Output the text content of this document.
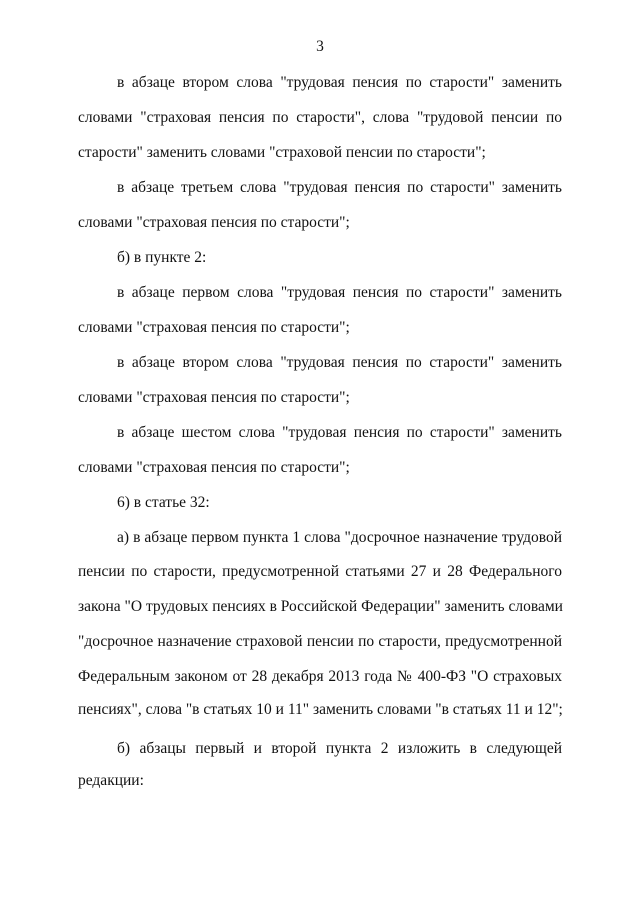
3
в абзаце втором слова "трудовая пенсия по старости" заменить
словами "страховая пенсия по старости", слова "трудовой пенсии по
старости" заменить словами "страховой пенсии по старости";
в абзаце третьем слова "трудовая пенсия по старости" заменить
словами "страховая пенсия по старости";
б) в пункте 2:
в абзаце первом слова "трудовая пенсия по старости" заменить
словами "страховая пенсия по старости";
в абзаце втором слова "трудовая пенсия по старости" заменить
словами "страховая пенсия по старости";
в абзаце шестом слова "трудовая пенсия по старости" заменить
словами "страховая пенсия по старости";
6) в статье 32:
а) в абзаце первом пункта 1 слова "досрочное назначение трудовой
пенсии по старости, предусмотренной статьями 27 и 28 Федерального
закона "О трудовых пенсиях в Российской Федерации" заменить словами
"досрочное назначение страховой пенсии по старости, предусмотренной
Федеральным законом от 28 декабря 2013 года № 400-ФЗ "О страховых
пенсиях", слова "в статьях 10 и 11" заменить словами "в статьях 11 и 12";
б) абзацы первый и второй пункта 2 изложить в следующей
редакции:
